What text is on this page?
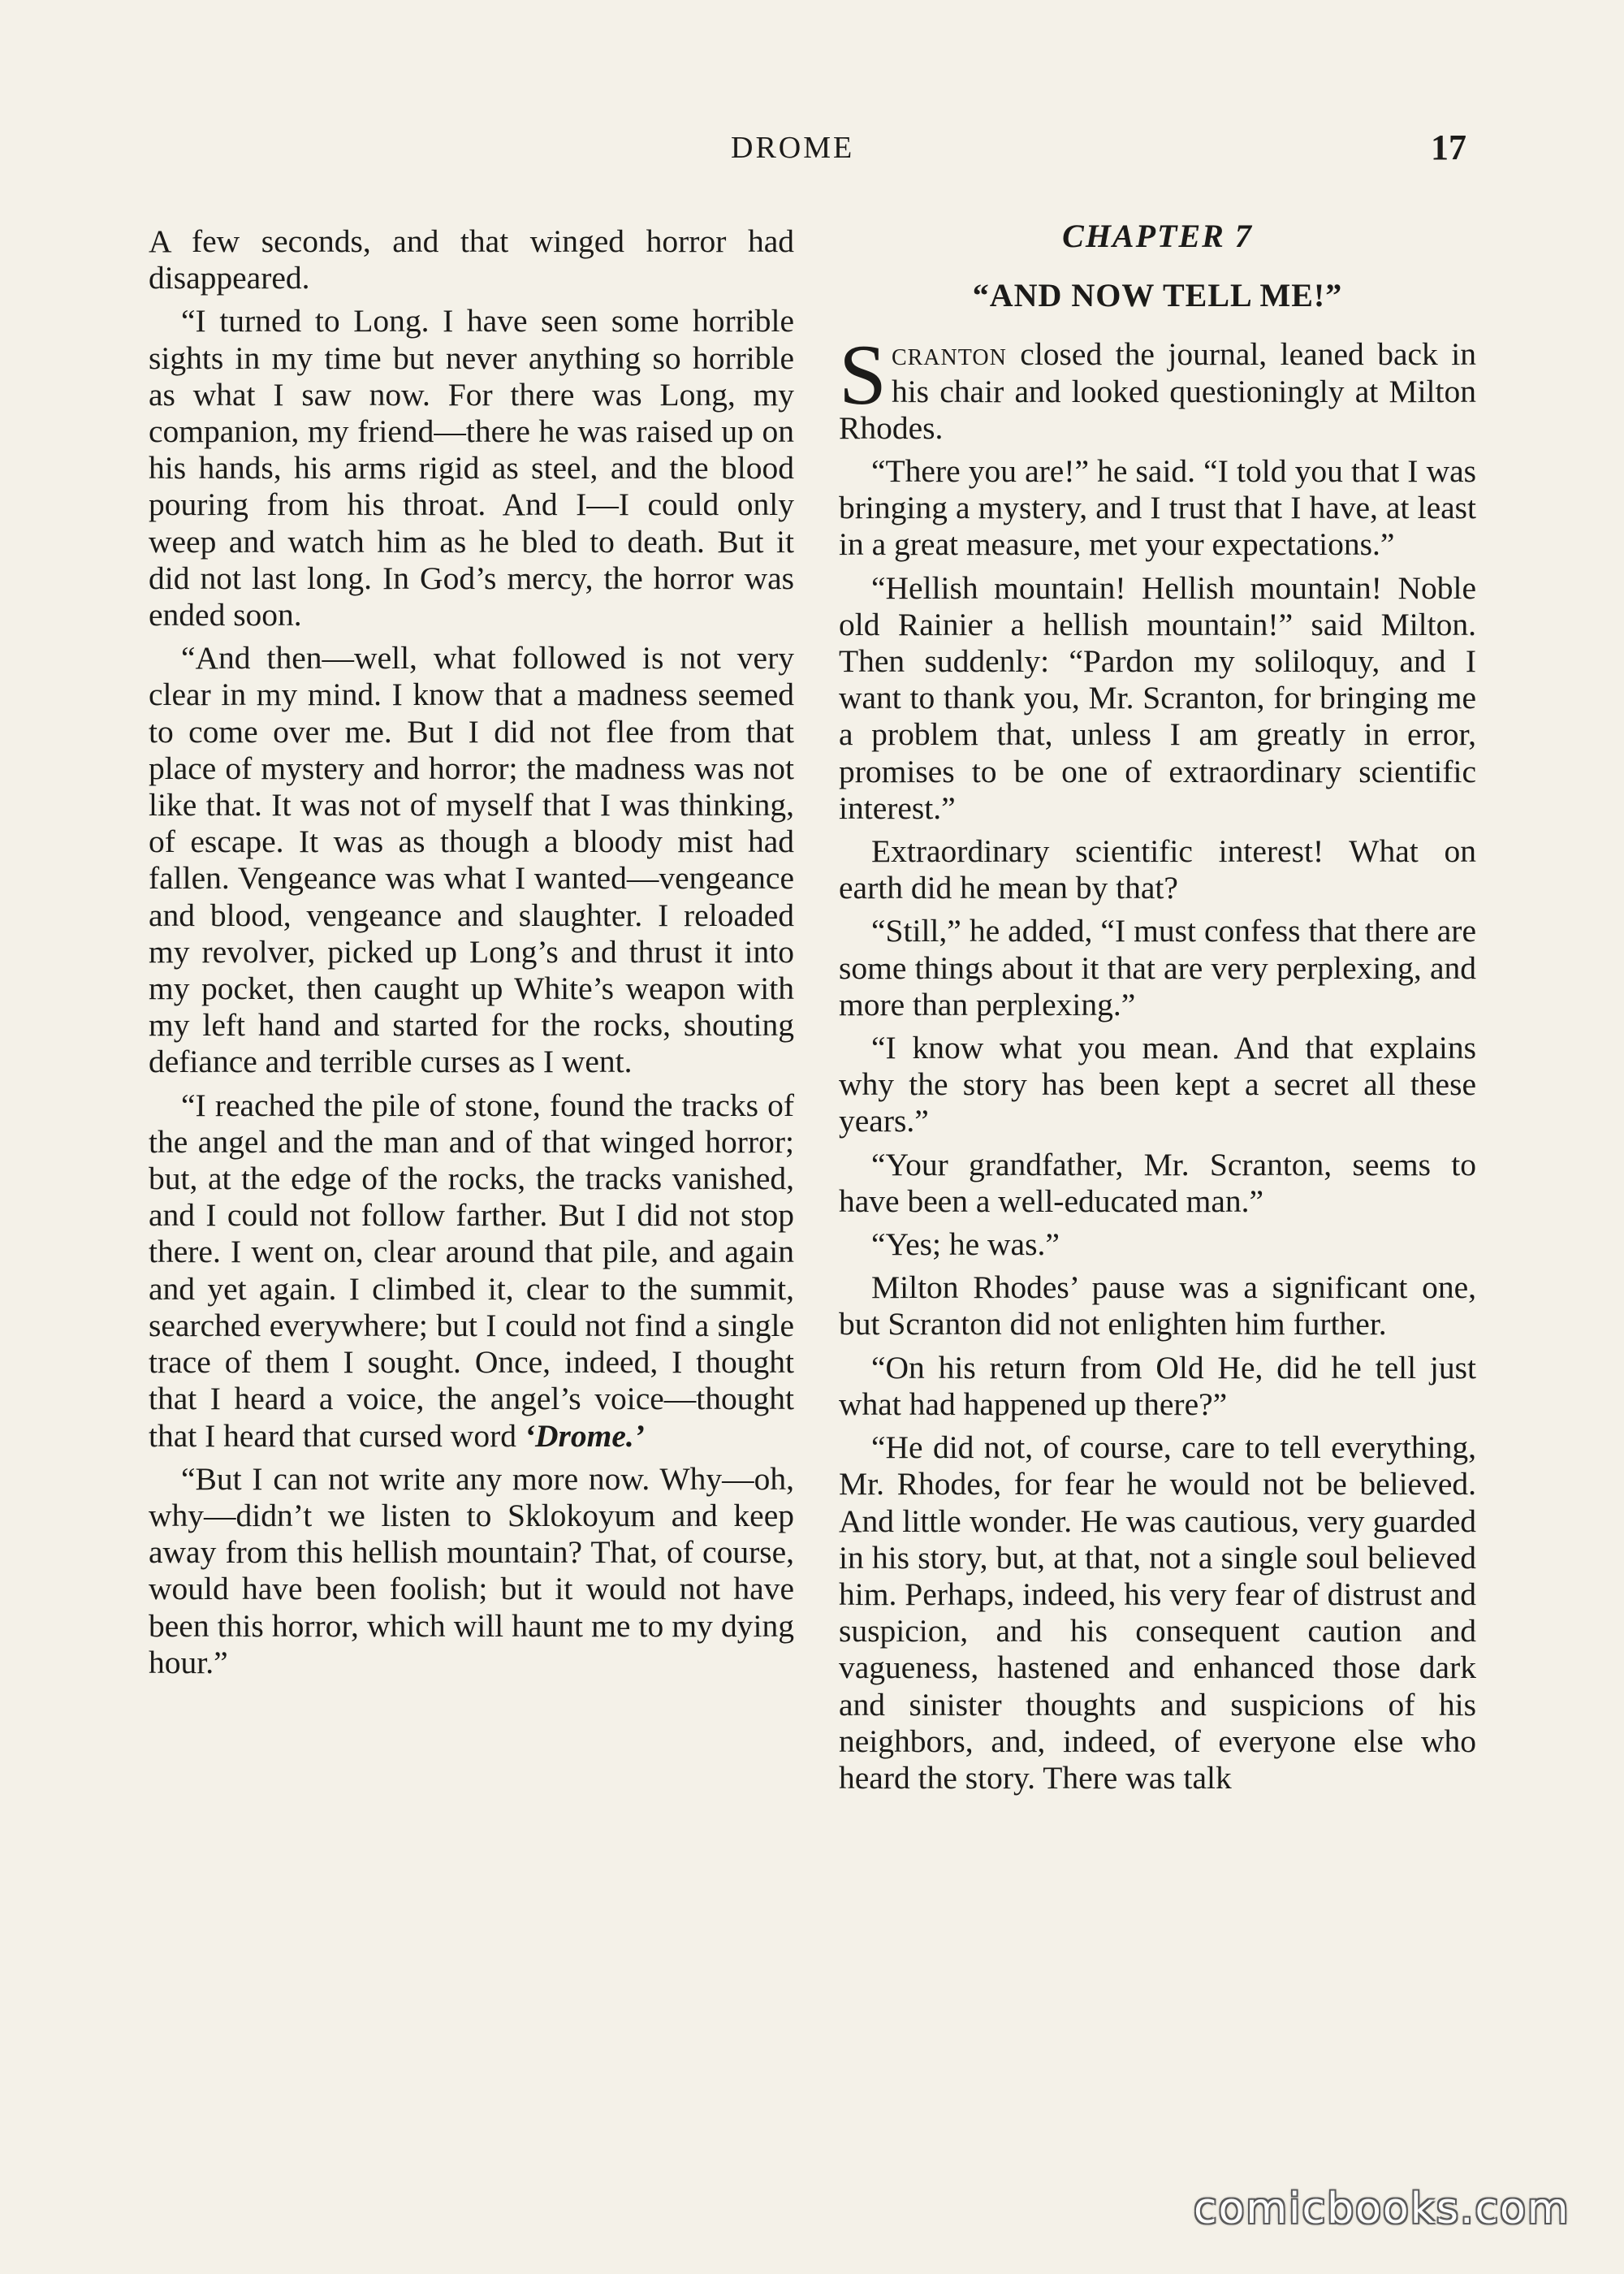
DROME	17

A few seconds, and that winged horror had disappeared.

“I turned to Long. I have seen some horrible sights in my time but never anything so horrible as what I saw now. For there was Long, my companion, my friend—there he was raised up on his hands, his arms rigid as steel, and the blood pouring from his throat. And I—I could only weep and watch him as he bled to death. But it did not last long. In God’s mercy, the horror was ended soon.

“And then—well, what followed is not very clear in my mind. I know that a madness seemed to come over me. But I did not flee from that place of mystery and horror; the madness was not like that. It was not of myself that I was thinking, of escape. It was as though a bloody mist had fallen. Vengeance was what I wanted—vengeance and blood, vengeance and slaughter. I reloaded my revolver, picked up Long’s and thrust it into my pocket, then caught up White’s weapon with my left hand and started for the rocks, shouting defiance and terrible curses as I went.

“I reached the pile of stone, found the tracks of the angel and the man and of that winged horror; but, at the edge of the rocks, the tracks vanished, and I could not follow farther. But I did not stop there. I went on, clear around that pile, and again and yet again. I climbed it, clear to the summit, searched everywhere; but I could not find a single trace of them I sought. Once, indeed, I thought that I heard a voice, the angel’s voice—thought that I heard that cursed word ‘Drome.’

“But I can not write any more now. Why—oh, why—didn’t we listen to Sklokoyum and keep away from this hellish mountain? That, of course, would have been foolish; but it would not have been this horror, which will haunt me to my dying hour.”

CHAPTER 7
“AND NOW TELL ME!”

Scranton closed the journal, leaned back in his chair and looked questioningly at Milton Rhodes.

“There you are!” he said. “I told you that I was bringing a mystery, and I trust that I have, at least in a great measure, met your expectations.”

“Hellish mountain! Hellish mountain! Noble old Rainier a hellish mountain!” said Milton. Then suddenly: “Pardon my soliloquy, and I want to thank you, Mr. Scranton, for bringing me a problem that, unless I am greatly in error, promises to be one of extraordinary scientific interest.”

Extraordinary scientific interest! What on earth did he mean by that?

“Still,” he added, “I must confess that there are some things about it that are very perplexing, and more than perplexing.”

“I know what you mean. And that explains why the story has been kept a secret all these years.”

“Your grandfather, Mr. Scranton, seems to have been a well-educated man.”

“Yes; he was.”

Milton Rhodes’ pause was a significant one, but Scranton did not enlighten him further.

“On his return from Old He, did he tell just what had happened up there?”

“He did not, of course, care to tell everything, Mr. Rhodes, for fear he would not be believed. And little wonder. He was cautious, very guarded in his story, but, at that, not a single soul believed him. Perhaps, indeed, his very fear of distrust and suspicion, and his consequent caution and vagueness, hastened and enhanced those dark and sinister thoughts and suspicions of his neighbors, and, indeed, of everyone else who heard the story. There was talk

comicbooks.com
